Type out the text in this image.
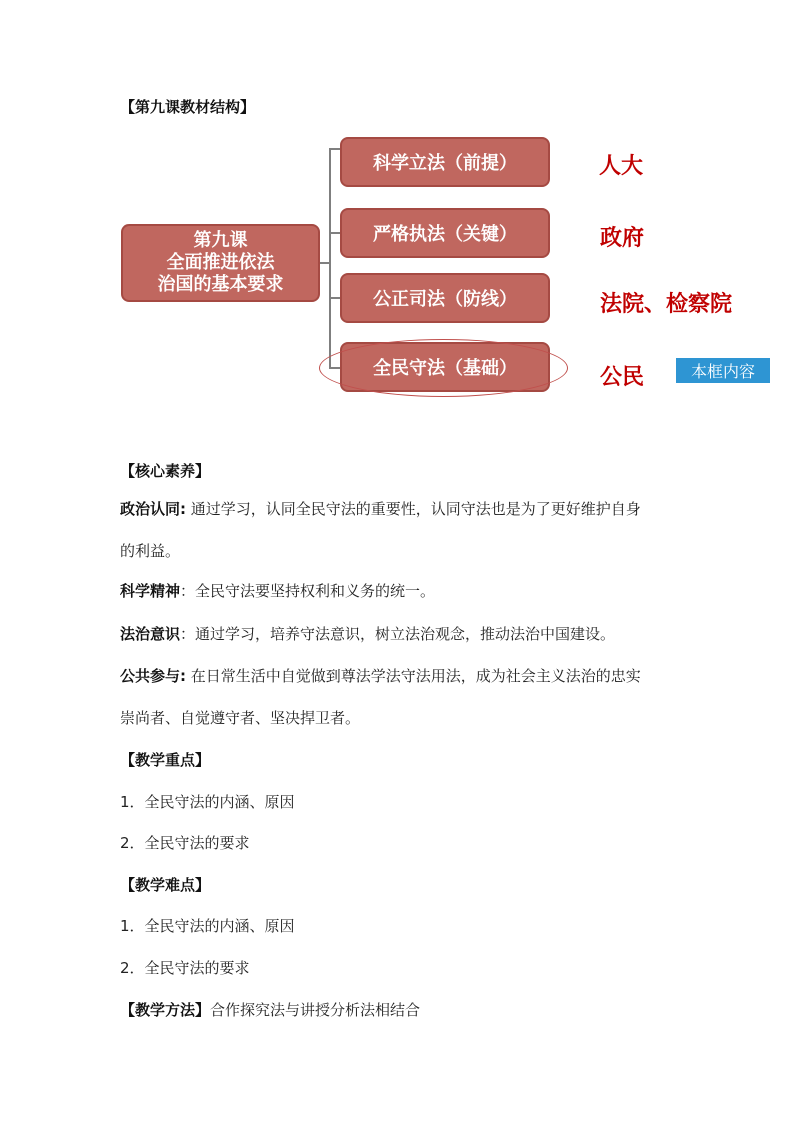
【第九课教材结构】
第九课
全面推进依法
治国的基本要求
科学立法（前提）
严格执法（关键）
公正司法（防线）
全民守法（基础）
人大
政府
法院、检察院
公民	本框内容
【核心素养】
政治认同: 通过学习，认同全民守法的重要性，认同守法也是为了更好维护自身
的利益。
科学精神：全民守法要坚持权利和义务的统一。
法治意识：通过学习，培养守法意识，树立法治观念，推动法治中国建设。
公共参与: 在日常生活中自觉做到尊法学法守法用法，成为社会主义法治的忠实
崇尚者、自觉遵守者、坚决捍卫者。
【教学重点】
1．全民守法的内涵、原因
2．全民守法的要求
【教学难点】
1．全民守法的内涵、原因
2．全民守法的要求
【教学方法】合作探究法与讲授分析法相结合
